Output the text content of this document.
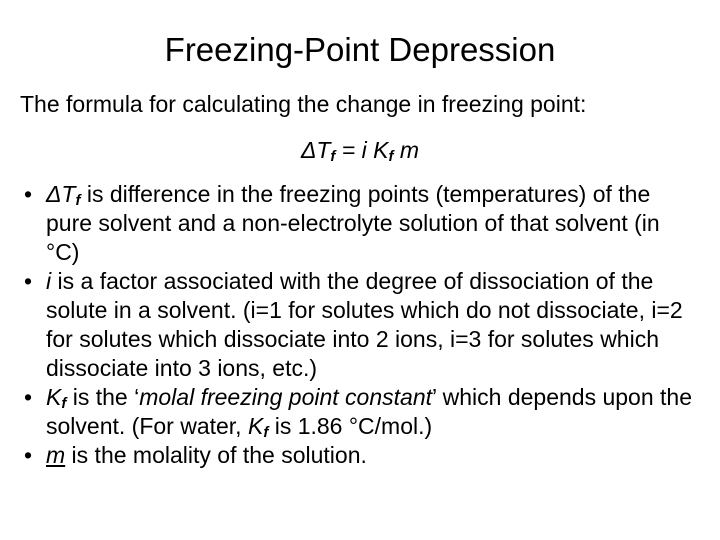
Freezing-Point Depression
The formula for calculating the change in freezing point:
$\Delta T_f = i$ $K_f$ m
• $\Delta T_f$ is difference in the freezing points (temperatures) of the pure solvent and a non-electrolyte solution of that solvent (in °C)
• i is a factor associated with the degree of dissociation of the solute in a solvent. (i=1 for solutes which do not dissociate, i=2 for solutes which dissociate into 2 ions, i=3 for solutes which dissociate into 3 ions, etc.)
• $K_f$ is the ‘molal freezing point constant’ which depends upon the solvent. (For water, $K_f$ is 1.86 °C/mol.)
• m is the molality of the solution.
